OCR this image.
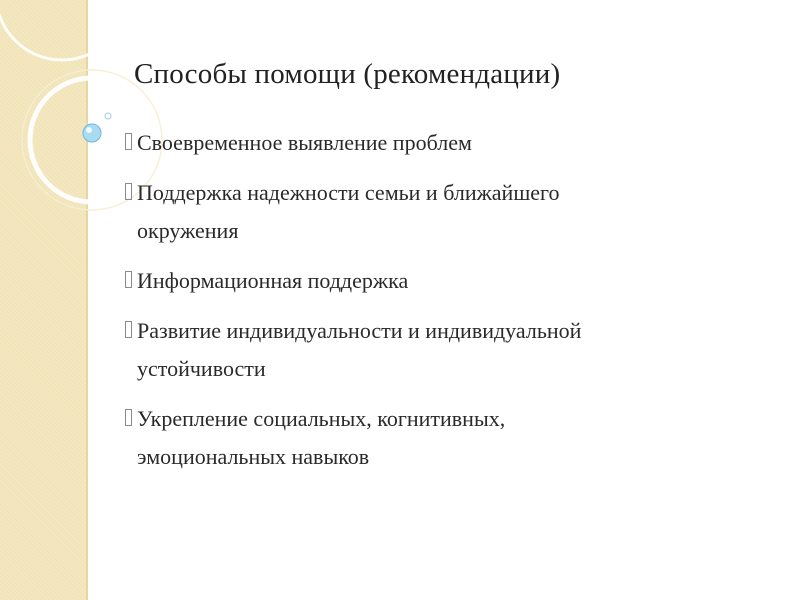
Способы помощи (рекомендации)
Своевременное выявление проблем
Поддержка надежности семьи и ближайшего
окружения
Информационная поддержка
Развитие индивидуальности и индивидуальной
устойчивости
Укрепление социальных, когнитивных,
эмоциональных навыков
